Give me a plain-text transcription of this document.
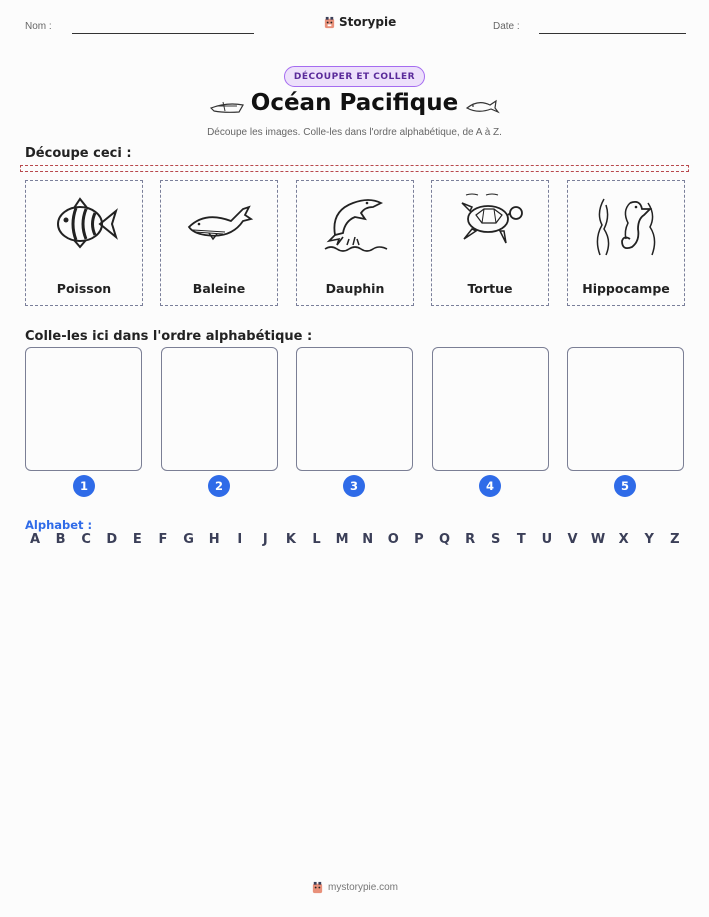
Nom :	Storypie	Date :
DÉCOUPER ET COLLER
Océan Pacifique
Découpe les images. Colle-les dans l'ordre alphabétique, de A à Z.
Découpe ceci :
Poisson	Baleine	Dauphin	Tortue	Hippocampe
Colle-les ici dans l'ordre alphabétique :
1	2	3	4	5
Alphabet :
A	B	C	D	E	F	G	H	I	J	K	L	M	N	O	P	Q	R	S	T	U	V	W	X	Y	Z
mystorypie.com
